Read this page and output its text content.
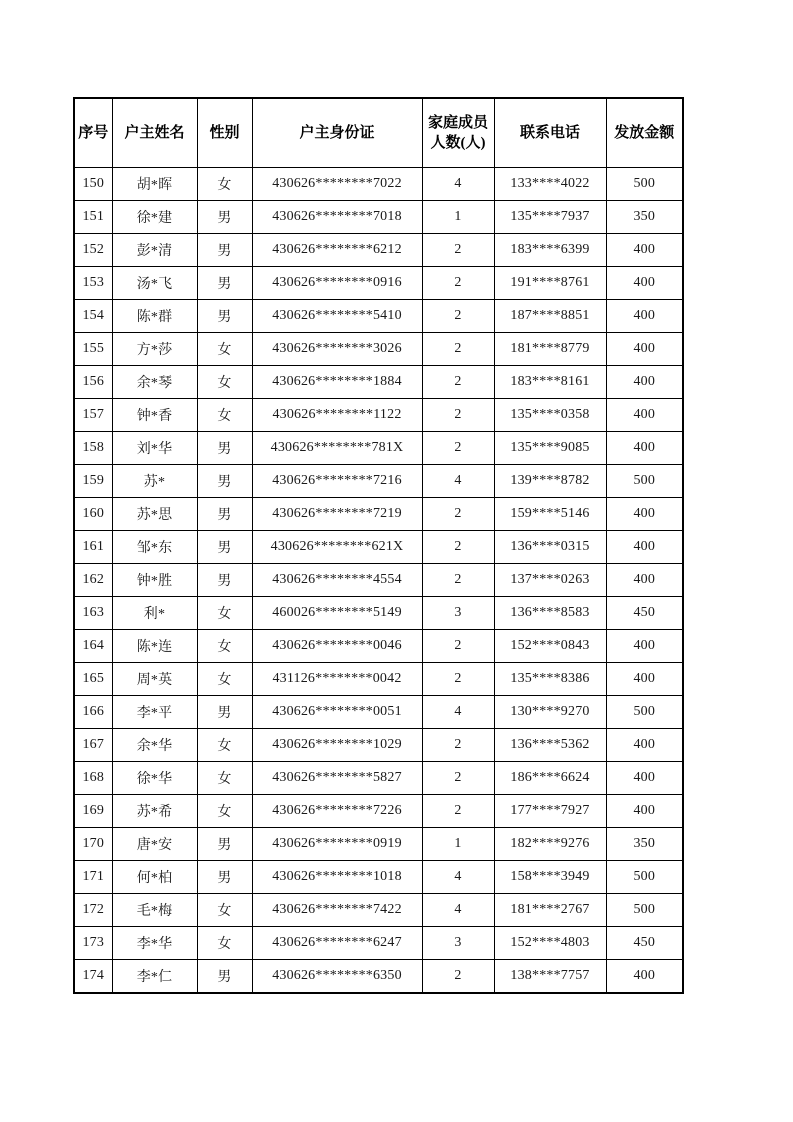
序号	户主姓名	性别	户主身份证	家庭成员人数(人)	联系电话	发放金额
150	胡*晖	女	430626********7022	4	133****4022	500
151	徐*建	男	430626********7018	1	135****7937	350
152	彭*清	男	430626********6212	2	183****6399	400
153	汤*飞	男	430626********0916	2	191****8761	400
154	陈*群	男	430626********5410	2	187****8851	400
155	方*莎	女	430626********3026	2	181****8779	400
156	余*琴	女	430626********1884	2	183****8161	400
157	钟*香	女	430626********1122	2	135****0358	400
158	刘*华	男	430626********781X	2	135****9085	400
159	苏*	男	430626********7216	4	139****8782	500
160	苏*思	男	430626********7219	2	159****5146	400
161	邹*东	男	430626********621X	2	136****0315	400
162	钟*胜	男	430626********4554	2	137****0263	400
163	利*	女	460026********5149	3	136****8583	450
164	陈*连	女	430626********0046	2	152****0843	400
165	周*英	女	431126********0042	2	135****8386	400
166	李*平	男	430626********0051	4	130****9270	500
167	余*华	女	430626********1029	2	136****5362	400
168	徐*华	女	430626********5827	2	186****6624	400
169	苏*希	女	430626********7226	2	177****7927	400
170	唐*安	男	430626********0919	1	182****9276	350
171	何*柏	男	430626********1018	4	158****3949	500
172	毛*梅	女	430626********7422	4	181****2767	500
173	李*华	女	430626********6247	3	152****4803	450
174	李*仁	男	430626********6350	2	138****7757	400
